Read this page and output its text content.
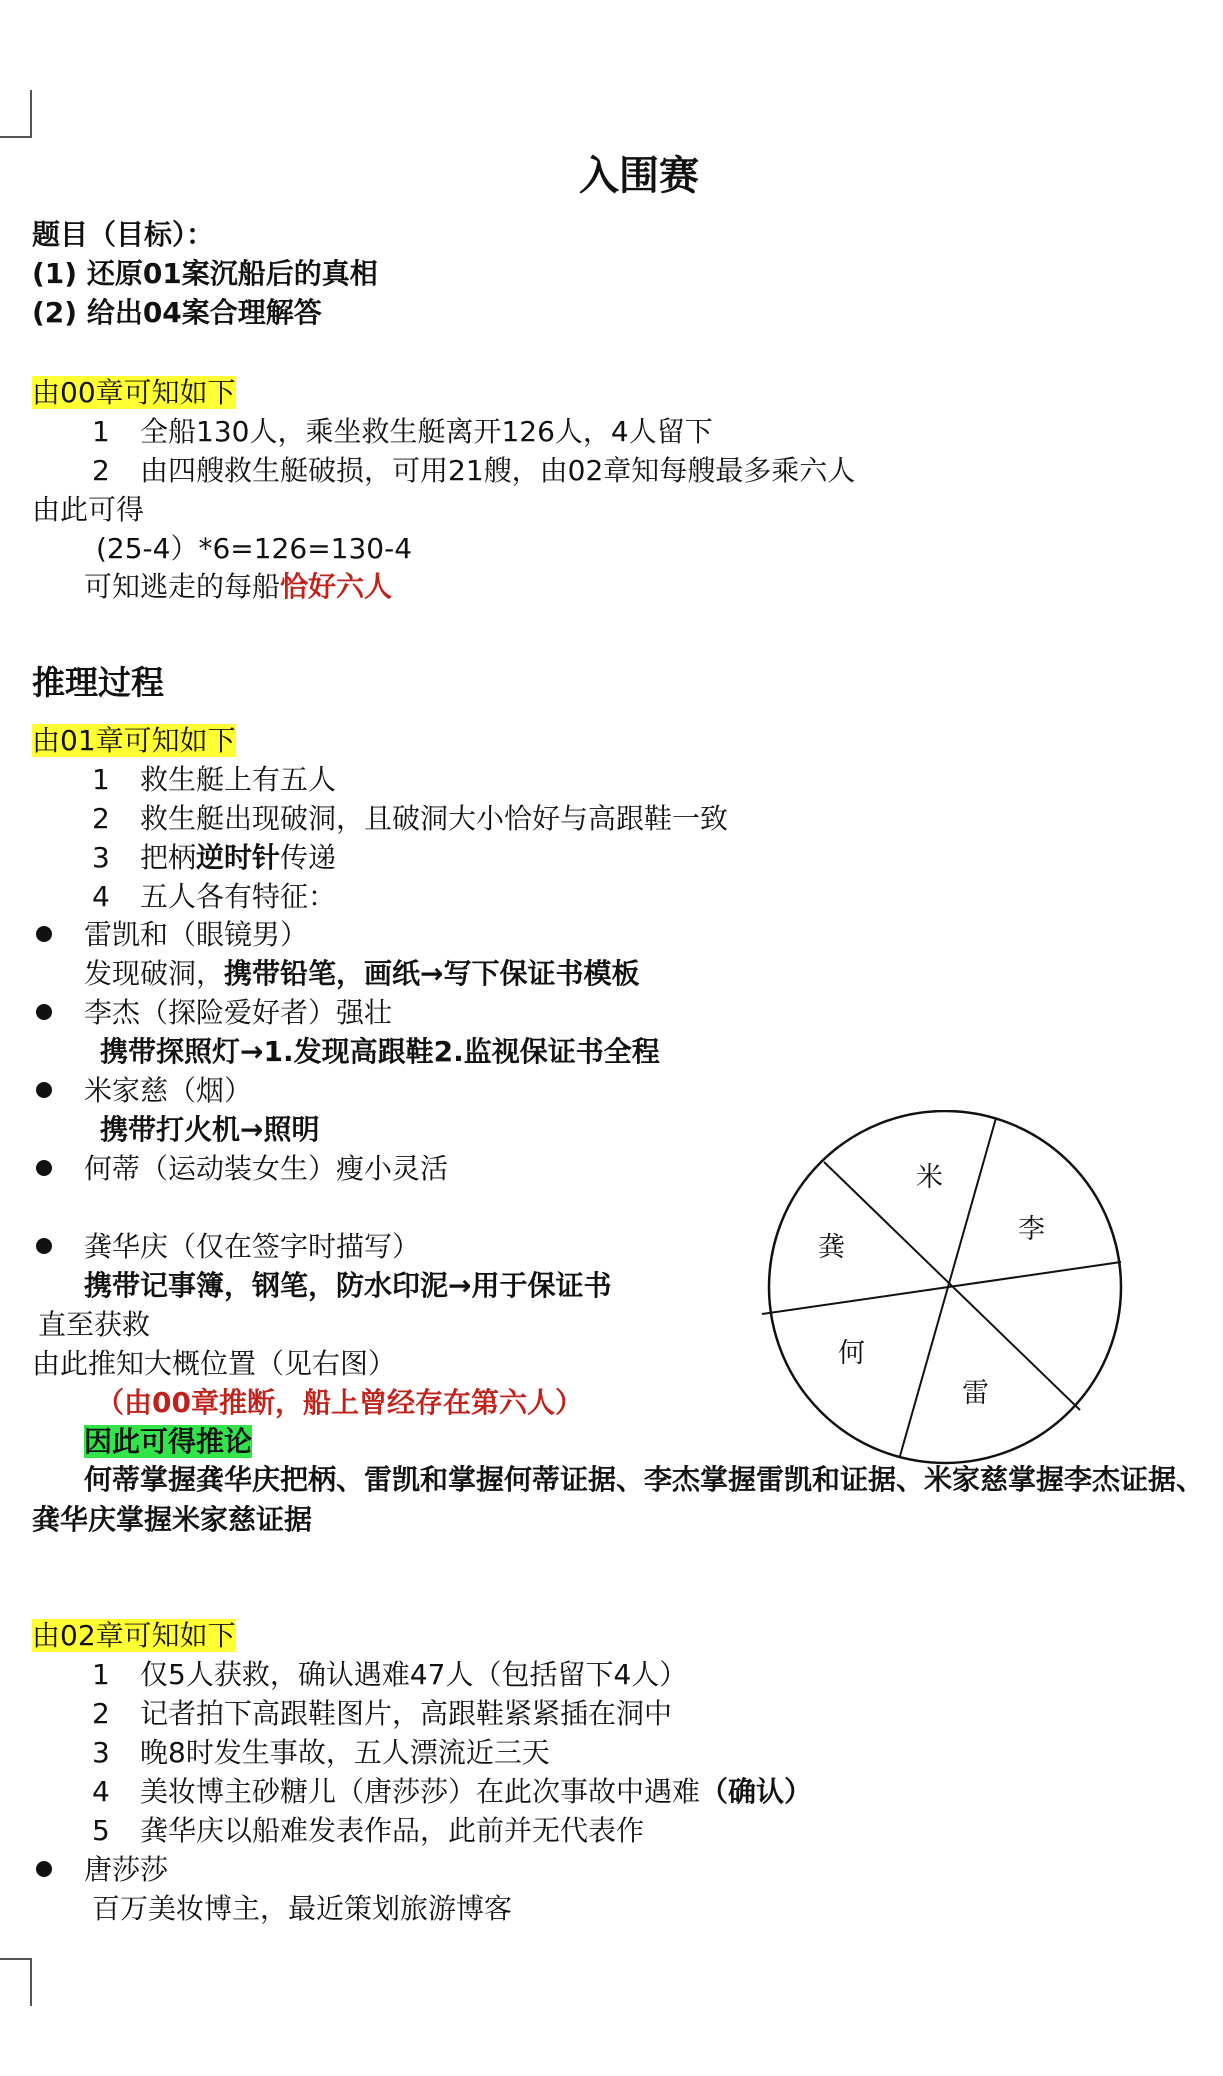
入围赛
题目（目标）：
(1) 还原01案沉船后的真相
(2) 给出04案合理解答
由00章可知如下
1 全船130人，乘坐救生艇离开126人，4人留下
2 由四艘救生艇破损，可用21艘，由02章知每艘最多乘六人
由此可得
(25-4）*6=126=130-4
可知逃走的每船恰好六人
推理过程
由01章可知如下
1 救生艇上有五人
2 救生艇出现破洞，且破洞大小恰好与高跟鞋一致
3 把柄逆时针传递
4 五人各有特征：
雷凯和（眼镜男）
发现破洞，携带铅笔，画纸→写下保证书模板
李杰（探险爱好者）强壮
携带探照灯→1.发现高跟鞋2.监视保证书全程
米家慈（烟）
携带打火机→照明
何蒂（运动装女生）瘦小灵活
龚华庆（仅在签字时描写）
携带记事簿，钢笔，防水印泥→用于保证书
直至获救
由此推知大概位置（见右图）
（由00章推断，船上曾经存在第六人）
因此可得推论
何蒂掌握龚华庆把柄、雷凯和掌握何蒂证据、李杰掌握雷凯和证据、米家慈掌握李杰证据、龚华庆掌握米家慈证据
米
李
雷
何
龚
由02章可知如下
1 仅5人获救，确认遇难47人（包括留下4人）
2 记者拍下高跟鞋图片，高跟鞋紧紧插在洞中
3 晚8时发生事故，五人漂流近三天
4 美妆博主砂糖儿（唐莎莎）在此次事故中遇难（确认）
5 龚华庆以船难发表作品，此前并无代表作
唐莎莎
百万美妆博主，最近策划旅游博客
